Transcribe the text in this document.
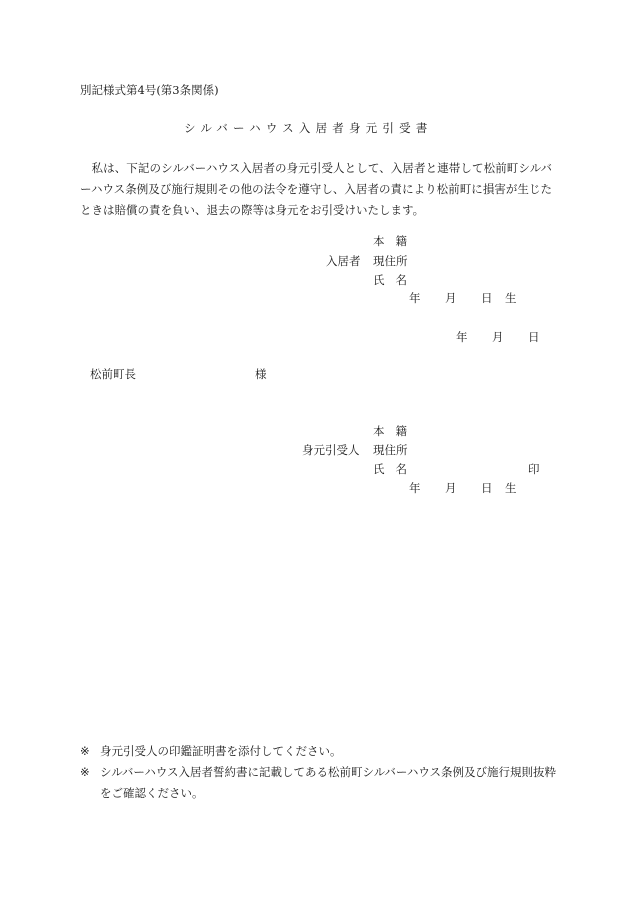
別記様式第4号(第3条関係)
シルバーハウス入居者身元引受書
私は、下記のシルバーハウス入居者の身元引受人として、入居者と連帯して松前町シルバーハウス条例及び施行規則その他の法令を遵守し、入居者の責により松前町に損害が生じたときは賠償の責を負い、退去の際等は身元をお引受けいたします。
本籍
入居者 現住所
氏名
年 月 日 生
年 月 日
松前町長	様
本籍
身元引受人 現住所
氏名	印
年 月 日 生
※ 身元引受人の印鑑証明書を添付してください。
※ シルバーハウス入居者誓約書に記載してある松前町シルバーハウス条例及び施行規則抜粋をご確認ください。
